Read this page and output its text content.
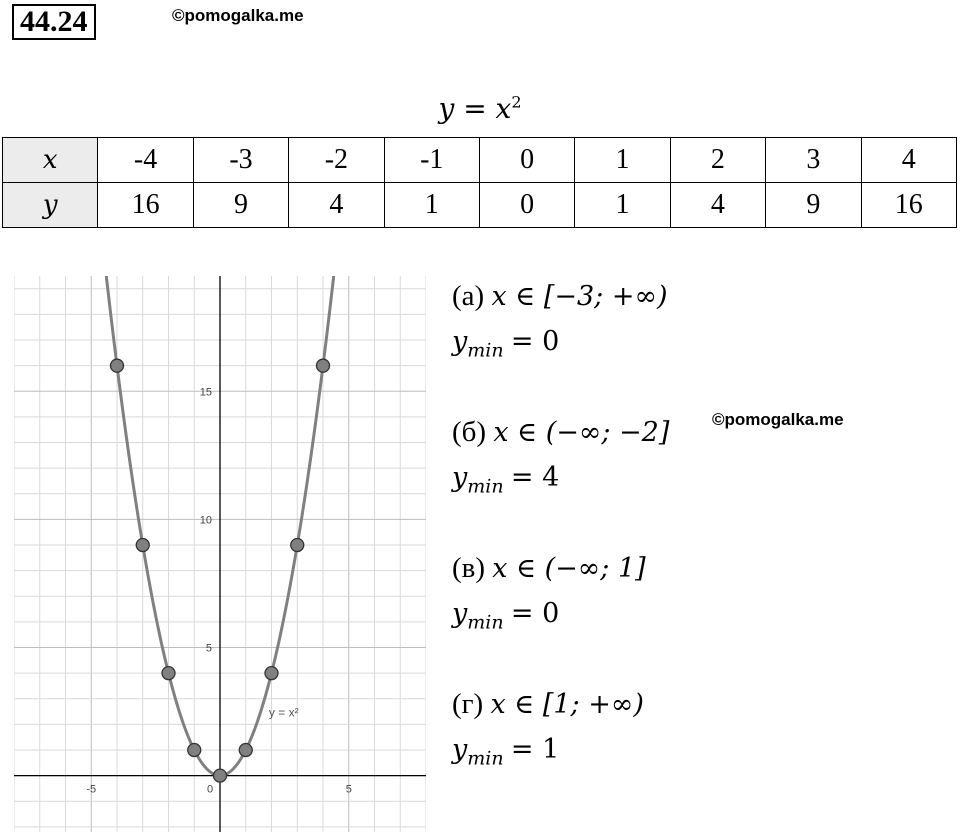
44.24	©pomogalka.me
©pomogalka.me
$y = x^2$
x	-4	-3	-2	-1	0	1	2	3	4
y	16	9	4	1	0	1	4	9	16
-5	0	5
5
10
15
y = x²
(а) x ∈ [−3; +∞)
$y_{min} = 0$
(б) x ∈ (−∞; −2]
$y_{min} = 4$
(в) x ∈ (−∞; 1]
$y_{min} = 0$
(г) x ∈ [1; +∞)
$y_{min} = 1$
